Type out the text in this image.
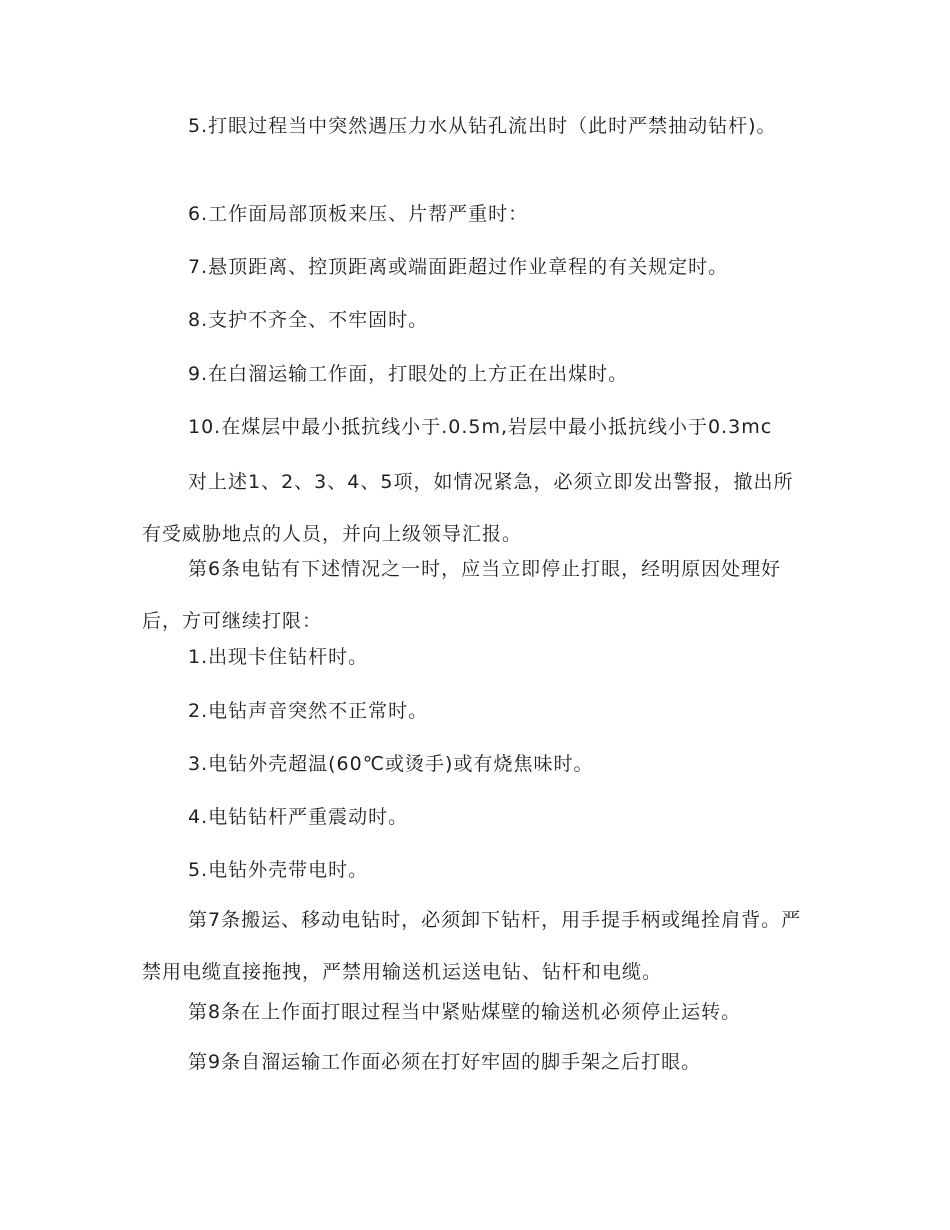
5.打眼过程当中突然遇压力水从钻孔流出时（此时严禁抽动钻杆)。

6.工作面局部顶板来压、片帮严重时：

7.悬顶距离、控顶距离或端面距超过作业章程的有关规定时。

8.支护不齐全、不牢固时。

9.在白溜运输工作面，打眼处的上方正在出煤时。

10.在煤层中最小抵抗线小于.0.5m,岩层中最小抵抗线小于0.3mc

对上述1、2、3、4、5项，如情况紧急，必须立即发出警报，撤出所有受威胁地点的人员，并向上级领导汇报。

第6条电钻有下述情况之一时，应当立即停止打眼，经明原因处理好后，方可继续打限：

1.出现卡住钻杆时。

2.电钻声音突然不正常时。

3.电钻外壳超温(60℃或烫手)或有烧焦味时。

4.电钻钻杆严重震动时。

5.电钻外壳带电时。

第7条搬运、移动电钻时，必须卸下钻杆，用手提手柄或绳拴肩背。严禁用电缆直接拖拽，严禁用输送机运送电钻、钻杆和电缆。

第8条在上作面打眼过程当中紧贴煤壁的输送机必须停止运转。

第9条自溜运输工作面必须在打好牢固的脚手架之后打眼。
